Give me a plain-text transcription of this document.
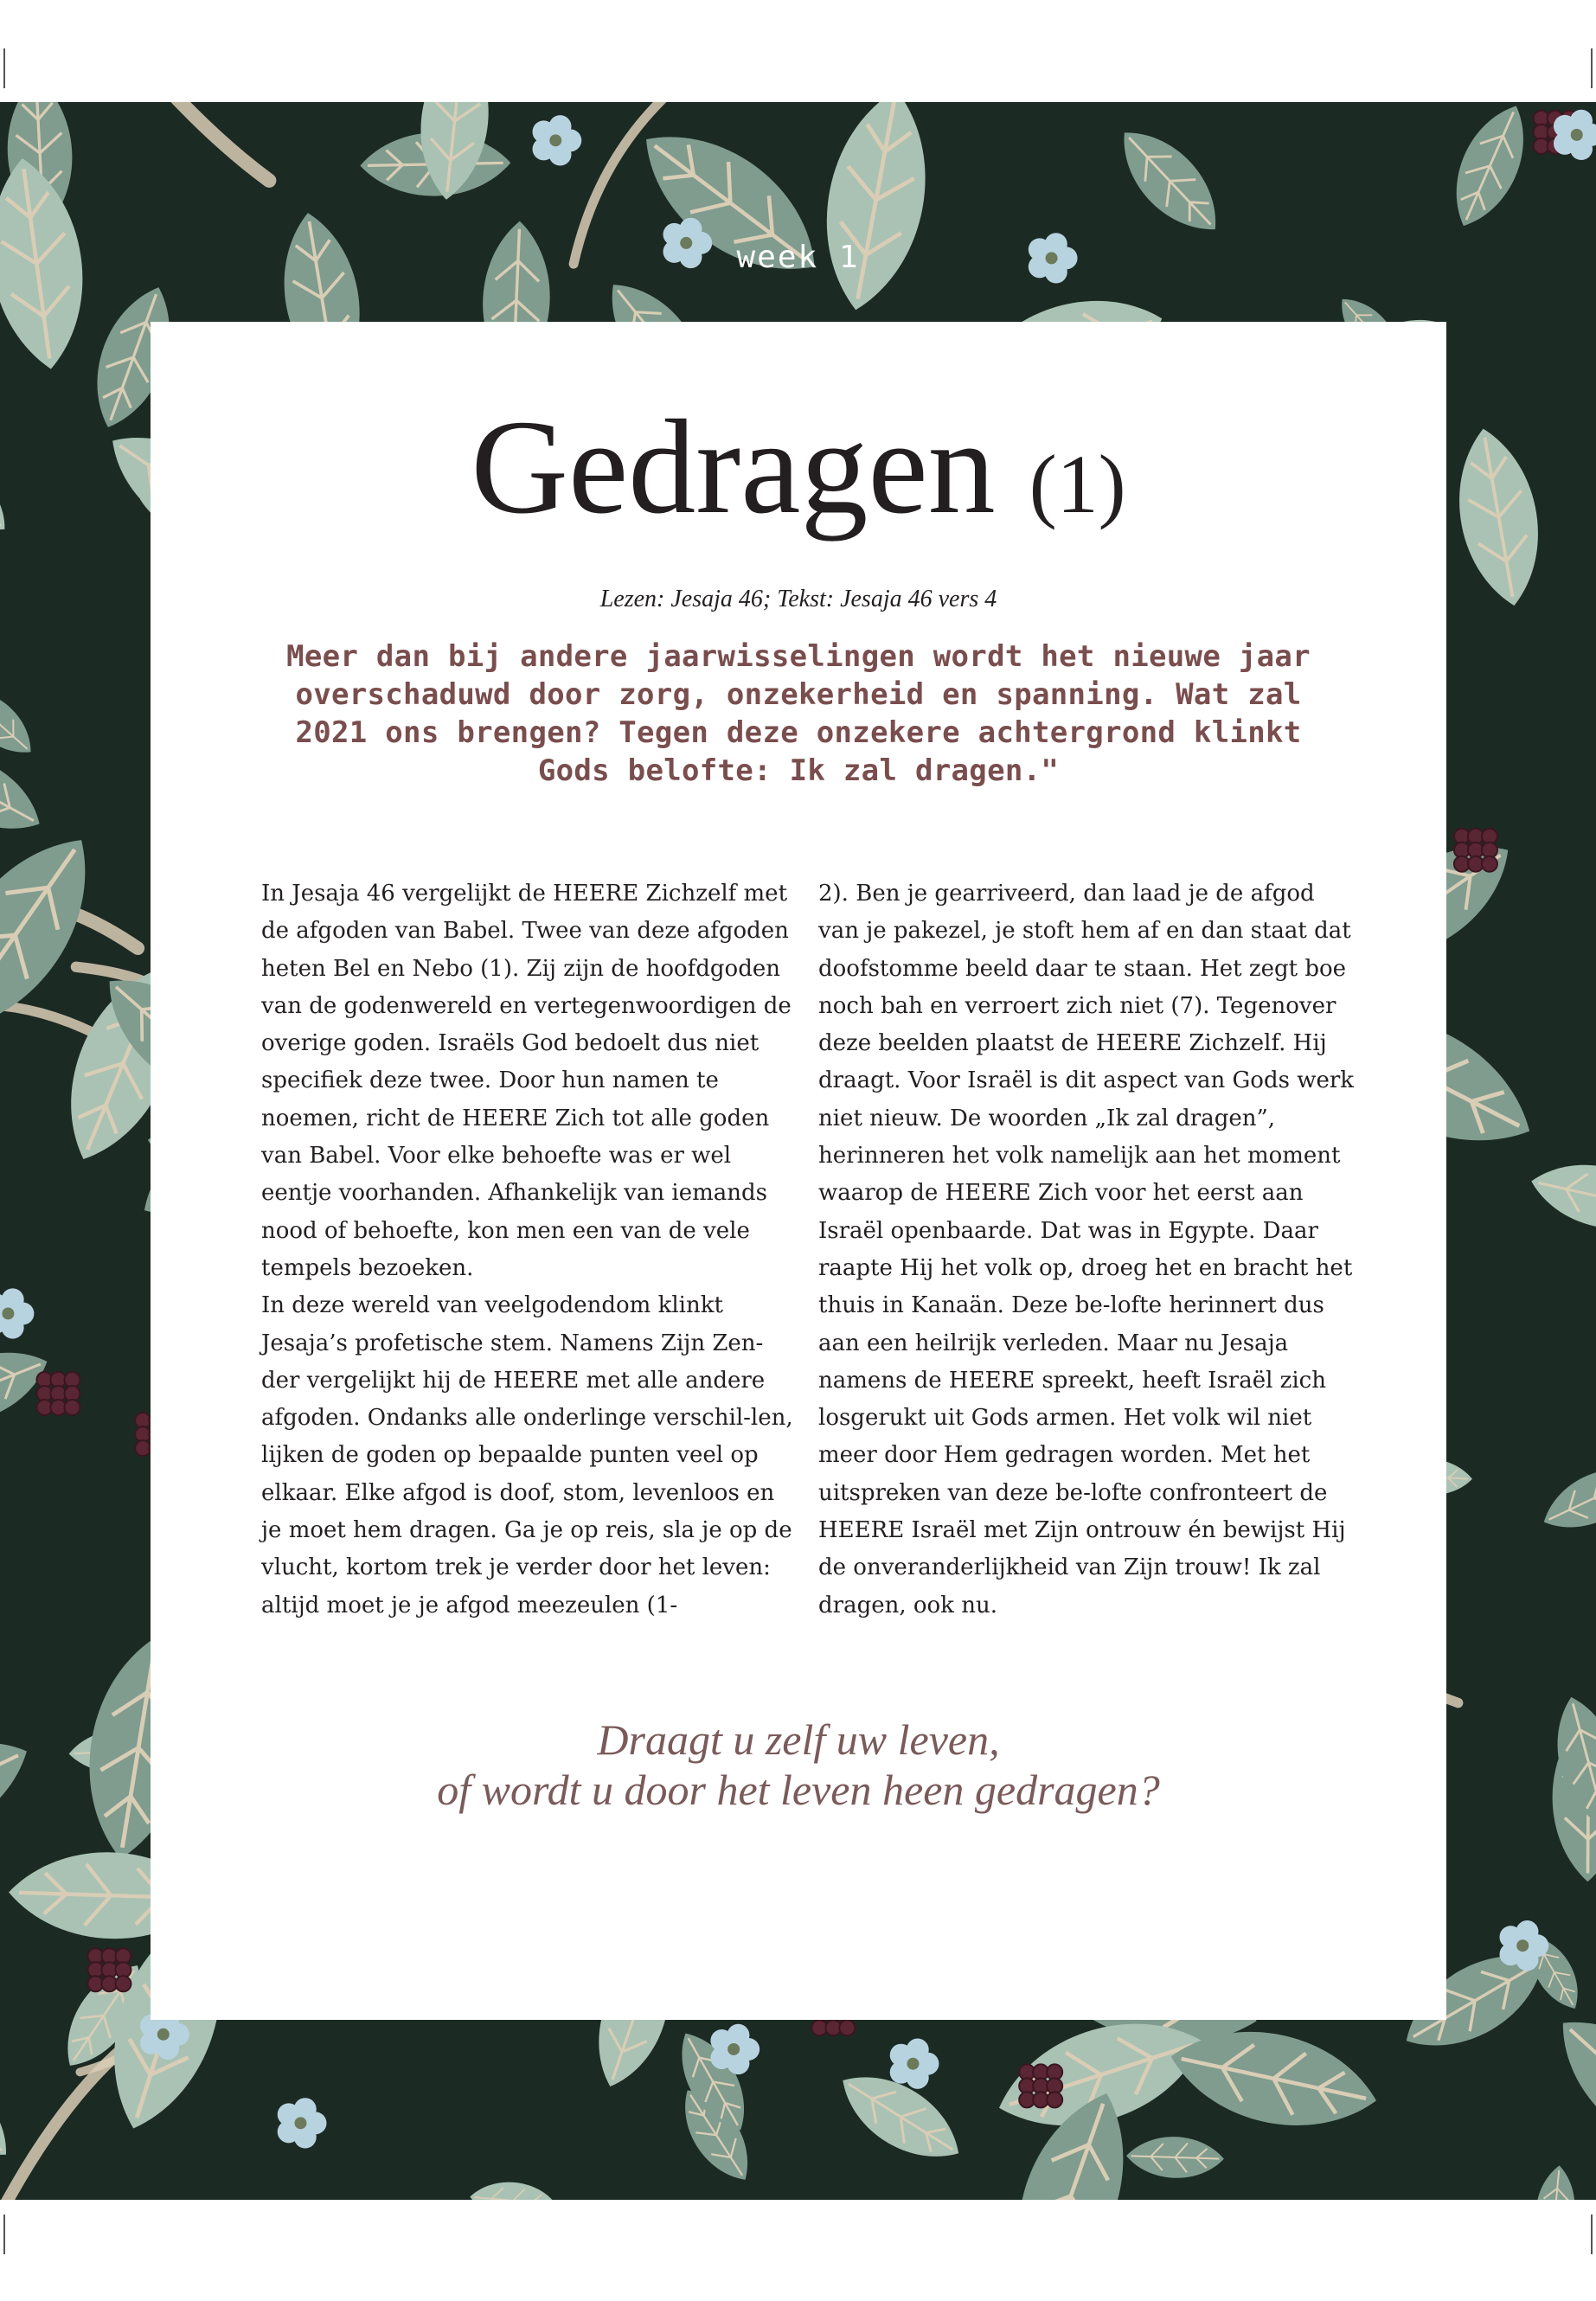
week 1
Gedragen (1)
Lezen: Jesaja 46; Tekst: Jesaja 46 vers 4
Meer dan bij andere jaarwisselingen wordt het nieuwe jaar overschaduwd door zorg, onzekerheid en spanning. Wat zal 2021 ons brengen? Tegen deze onzekere achtergrond klinkt Gods belofte: Ik zal dragen."

In Jesaja 46 vergelijkt de HEERE Zichzelf met de afgoden van Babel. Twee van deze afgoden heten Bel en Nebo (1). Zij zijn de hoofdgoden van de godenwereld en vertegenwoordigen de overige goden. Israëls God bedoelt dus niet specifiek deze twee. Door hun namen te noemen, richt de HEERE Zich tot alle goden van Babel. Voor elke behoefte was er wel eentje voorhanden. Afhankelijk van iemands nood of behoefte, kon men een van de vele tempels bezoeken.

In deze wereld van veelgodendom klinkt Jesaja’s profetische stem. Namens Zijn Zen-der vergelijkt hij de HEERE met alle andere afgoden. Ondanks alle onderlinge verschil-len, lijken de goden op bepaalde punten veel op elkaar. Elke afgod is doof, stom, levenloos en je moet hem dragen. Ga je op reis, sla je op de vlucht, kortom trek je verder door het leven: altijd moet je je afgod meezeulen (1-

2). Ben je gearriveerd, dan laad je de afgod van je pakezel, je stoft hem af en dan staat dat doofstomme beeld daar te staan. Het zegt boe noch bah en verroert zich niet (7). Tegenover deze beelden plaatst de HEERE Zichzelf. Hij draagt. Voor Israël is dit aspect van Gods werk niet nieuw. De woorden „Ik zal dragen”, herinneren het volk namelijk aan het moment waarop de HEERE Zich voor het eerst aan Israël openbaarde. Dat was in Egypte. Daar raapte Hij het volk op, droeg het en bracht het thuis in Kanaän. Deze be-lofte herinnert dus aan een heilrijk verleden. Maar nu Jesaja namens de HEERE spreekt, heeft Israël zich losgerukt uit Gods armen. Het volk wil niet meer door Hem gedragen worden. Met het uitspreken van deze be-lofte confronteert de HEERE Israël met Zijn ontrouw én bewijst Hij de onveranderlijkheid van Zijn trouw! Ik zal dragen, ook nu.

Draagt u zelf uw leven,
of wordt u door het leven heen gedragen?
